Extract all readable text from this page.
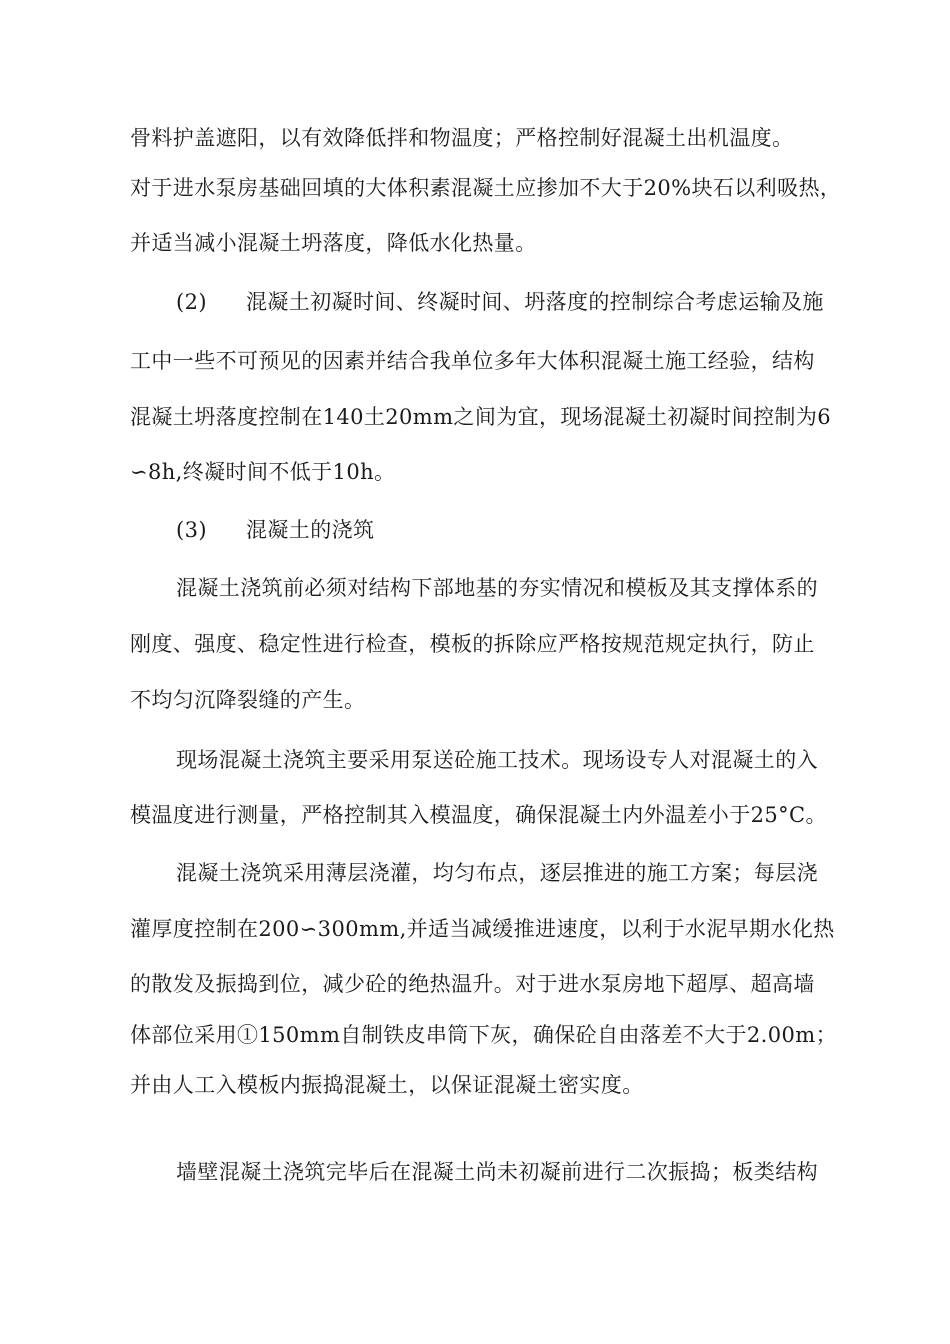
骨料护盖遮阳，以有效降低拌和物温度；严格控制好混凝土出机温度。
对于进水泵房基础回填的大体积素混凝土应掺加不大于20%块石以利吸热，
并适当减小混凝土坍落度，降低水化热量。
(2) 混凝土初凝时间、终凝时间、坍落度的控制综合考虑运输及施
工中一些不可预见的因素并结合我单位多年大体积混凝土施工经验，结构
混凝土坍落度控制在140土20mm之间为宜，现场混凝土初凝时间控制为6
∽8h,终凝时间不低于10h。
(3) 混凝土的浇筑
混凝土浇筑前必须对结构下部地基的夯实情况和模板及其支撑体系的
刚度、强度、稳定性进行检查，模板的拆除应严格按规范规定执行，防止
不均匀沉降裂缝的产生。
现场混凝土浇筑主要采用泵送砼施工技术。现场设专人对混凝土的入
模温度进行测量，严格控制其入模温度，确保混凝土内外温差小于25°C。
混凝土浇筑采用薄层浇灌，均匀布点，逐层推进的施工方案；每层浇
灌厚度控制在200∽300mm,并适当减缓推进速度，以利于水泥早期水化热
的散发及振捣到位，减少砼的绝热温升。对于进水泵房地下超厚、超高墙
体部位采用①150mm自制铁皮串筒下灰，确保砼自由落差不大于2.00m；
并由人工入模板内振捣混凝土，以保证混凝土密实度。
墙壁混凝土浇筑完毕后在混凝土尚未初凝前进行二次振捣；板类结构
